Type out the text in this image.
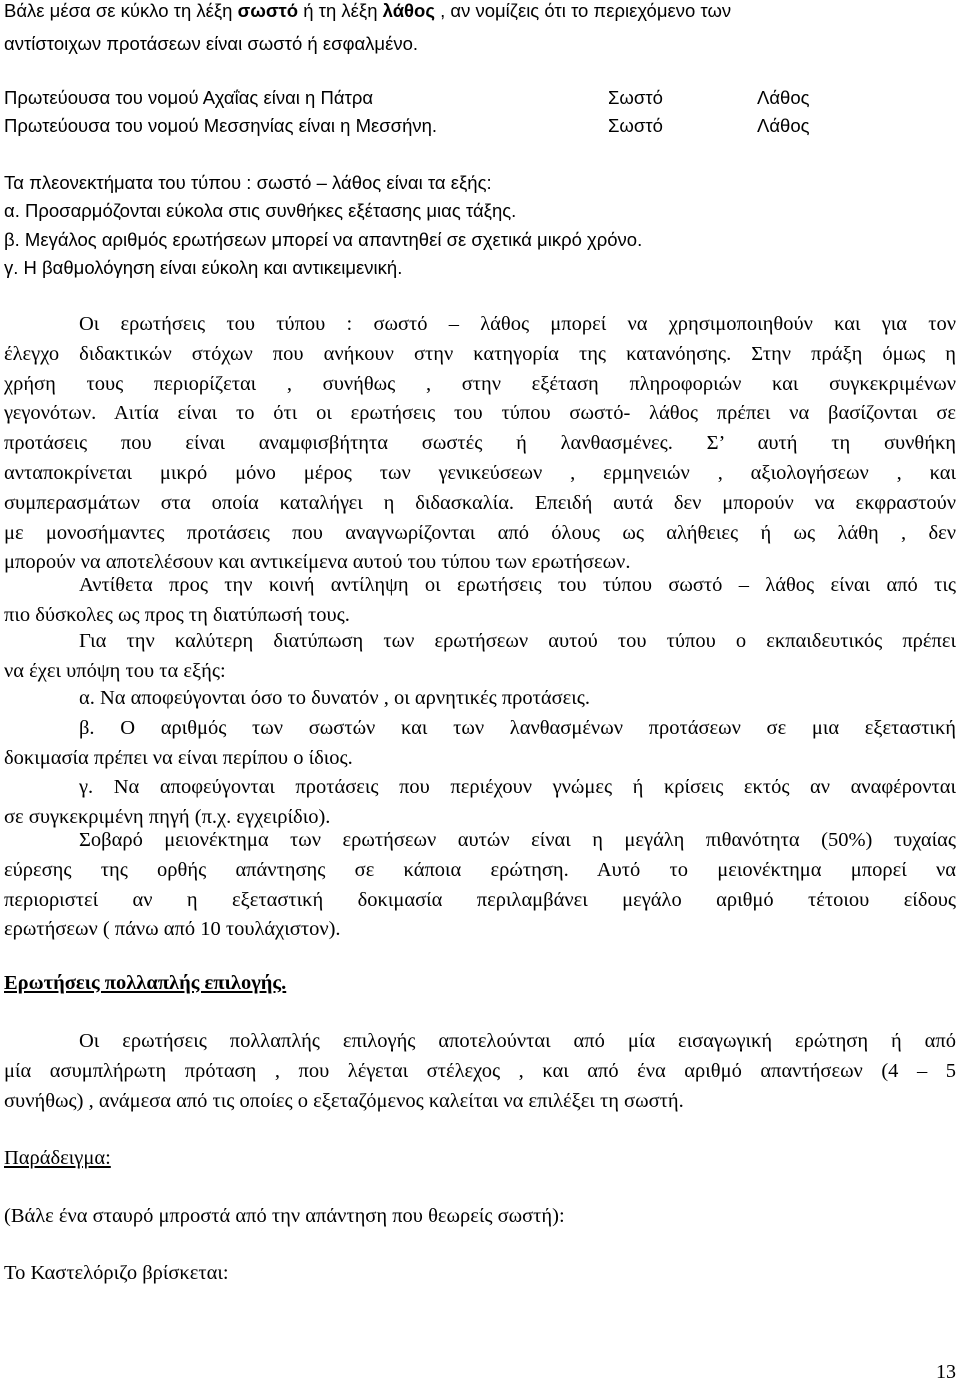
Βάλε μέσα σε κύκλο τη λέξη σωστό ή τη λέξη λάθος , αν νομίζεις ότι το περιεχόμενο των
αντίστοιχων προτάσεων είναι σωστό ή εσφαλμένο.
Πρωτεύουσα του νομού Αχαΐας είναι η Πάτρα	Σωστό	Λάθος
Πρωτεύουσα του νομού Μεσσηνίας είναι η Μεσσήνη.	Σωστό	Λάθος
Τα πλεονεκτήματα του τύπου : σωστό – λάθος είναι τα εξής:
α. Προσαρμόζονται εύκολα στις συνθήκες εξέτασης μιας τάξης.
β. Μεγάλος αριθμός ερωτήσεων μπορεί να απαντηθεί σε σχετικά μικρό χρόνο.
γ. Η βαθμολόγηση είναι εύκολη και αντικειμενική.
Οι ερωτήσεις του τύπου : σωστό – λάθος μπορεί να χρησιμοποιηθούν και για τον
έλεγχο διδακτικών στόχων που ανήκουν στην κατηγορία της κατανόησης. Στην πράξη όμως η
χρήση τους περιορίζεται , συνήθως , στην εξέταση πληροφοριών και συγκεκριμένων
γεγονότων. Αιτία είναι το ότι οι ερωτήσεις του τύπου σωστό- λάθος πρέπει να βασίζονται σε
προτάσεις που είναι αναμφισβήτητα σωστές ή λανθασμένες. Σ’ αυτή τη συνθήκη
ανταποκρίνεται μικρό μόνο μέρος των γενικεύσεων , ερμηνειών , αξιολογήσεων , και
συμπερασμάτων στα οποία καταλήγει η διδασκαλία. Επειδή αυτά δεν μπορούν να εκφραστούν
με μονοσήμαντες προτάσεις που αναγνωρίζονται από όλους ως αλήθειες ή ως λάθη , δεν
μπορούν να αποτελέσουν και αντικείμενα αυτού του τύπου των ερωτήσεων.
Αντίθετα προς την κοινή αντίληψη οι ερωτήσεις του τύπου σωστό – λάθος είναι από τις
πιο δύσκολες ως προς τη διατύπωσή τους.
Για την καλύτερη διατύπωση των ερωτήσεων αυτού του τύπου ο εκπαιδευτικός πρέπει
να έχει υπόψη του τα εξής:
α. Να αποφεύγονται όσο το δυνατόν , οι αρνητικές προτάσεις.
β. Ο αριθμός των σωστών και των λανθασμένων προτάσεων σε μια εξεταστική
δοκιμασία πρέπει να είναι περίπου ο ίδιος.
γ. Να αποφεύγονται προτάσεις που περιέχουν γνώμες ή κρίσεις εκτός αν αναφέρονται
σε συγκεκριμένη πηγή (π.χ. εγχειρίδιο).
Σοβαρό μειονέκτημα των ερωτήσεων αυτών είναι η μεγάλη πιθανότητα (50%) τυχαίας
εύρεσης της ορθής απάντησης σε κάποια ερώτηση. Αυτό το μειονέκτημα μπορεί να
περιοριστεί αν η εξεταστική δοκιμασία περιλαμβάνει μεγάλο αριθμό τέτοιου είδους
ερωτήσεων ( πάνω από 10 τουλάχιστον).
Ερωτήσεις πολλαπλής επιλογής.
Οι ερωτήσεις πολλαπλής επιλογής αποτελούνται από μία εισαγωγική ερώτηση ή από
μία ασυμπλήρωτη πρόταση , που λέγεται στέλεχος , και από ένα αριθμό απαντήσεων (4 – 5
συνήθως) , ανάμεσα από τις οποίες ο εξεταζόμενος καλείται να επιλέξει τη σωστή.
Παράδειγμα:
(Βάλε ένα σταυρό μπροστά από την απάντηση που θεωρείς σωστή):
Το Καστελόριζο βρίσκεται:
13
